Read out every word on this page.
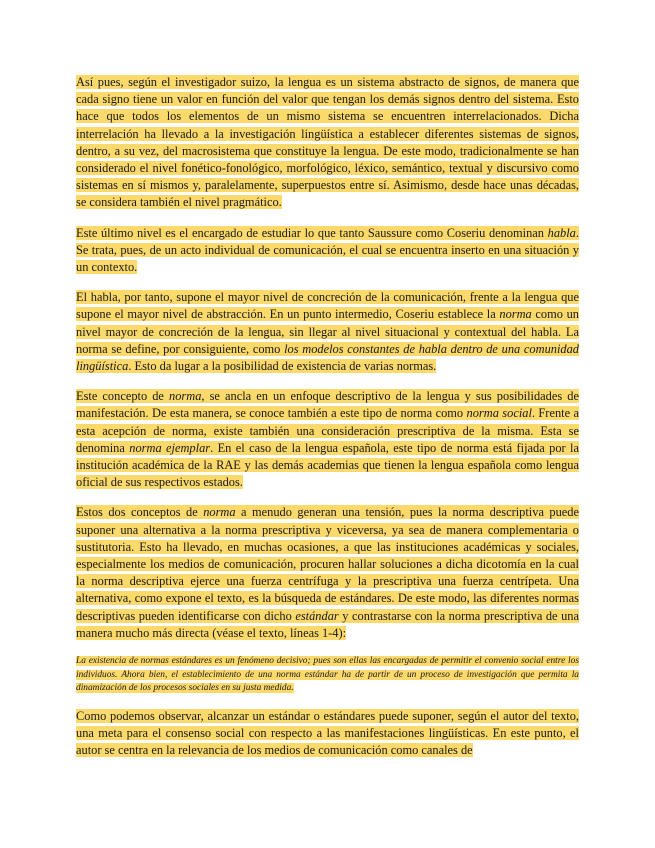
Así pues, según el investigador suizo, la lengua es un sistema abstracto de signos, de manera que cada signo tiene un valor en función del valor que tengan los demás signos dentro del sistema. Esto hace que todos los elementos de un mismo sistema se encuentren interrelacionados. Dicha interrelación ha llevado a la investigación lingüística a establecer diferentes sistemas de signos, dentro, a su vez, del macrosistema que constituye la lengua. De este modo, tradicionalmente se han considerado el nivel fonético-fonológico, morfológico, léxico, semántico, textual y discursivo como sistemas en sí mismos y, paralelamente, superpuestos entre sí. Asimismo, desde hace unas décadas, se considera también el nivel pragmático.

Este último nivel es el encargado de estudiar lo que tanto Saussure como Coseriu denominan habla. Se trata, pues, de un acto individual de comunicación, el cual se encuentra inserto en una situación y un contexto.

El habla, por tanto, supone el mayor nivel de concreción de la comunicación, frente a la lengua que supone el mayor nivel de abstracción. En un punto intermedio, Coseriu establece la norma como un nivel mayor de concreción de la lengua, sin llegar al nivel situacional y contextual del habla. La norma se define, por consiguiente, como los modelos constantes de habla dentro de una comunidad lingüística. Esto da lugar a la posibilidad de existencia de varias normas.

Este concepto de norma, se ancla en un enfoque descriptivo de la lengua y sus posibilidades de manifestación. De esta manera, se conoce también a este tipo de norma como norma social. Frente a esta acepción de norma, existe también una consideración prescriptiva de la misma. Esta se denomina norma ejemplar. En el caso de la lengua española, este tipo de norma está fijada por la institución académica de la RAE y las demás academias que tienen la lengua española como lengua oficial de sus respectivos estados.

Estos dos conceptos de norma a menudo generan una tensión, pues la norma descriptiva puede suponer una alternativa a la norma prescriptiva y viceversa, ya sea de manera complementaria o sustitutoria. Esto ha llevado, en muchas ocasiones, a que las instituciones académicas y sociales, especialmente los medios de comunicación, procuren hallar soluciones a dicha dicotomía en la cual la norma descriptiva ejerce una fuerza centrífuga y la prescriptiva una fuerza centrípeta. Una alternativa, como expone el texto, es la búsqueda de estándares. De este modo, las diferentes normas descriptivas pueden identificarse con dicho estándar y contrastarse con la norma prescriptiva de una manera mucho más directa (véase el texto, líneas 1-4):

La existencia de normas estándares es un fenómeno decisivo; pues son ellas las encargadas de permitir el convenio social entre los individuos. Ahora bien, el establecimiento de una norma estándar ha de partir de un proceso de investigación que permita la dinamización de los procesos sociales en su justa medida.

Como podemos observar, alcanzar un estándar o estándares puede suponer, según el autor del texto, una meta para el consenso social con respecto a las manifestaciones lingüísticas. En este punto, el autor se centra en la relevancia de los medios de comunicación como canales de
